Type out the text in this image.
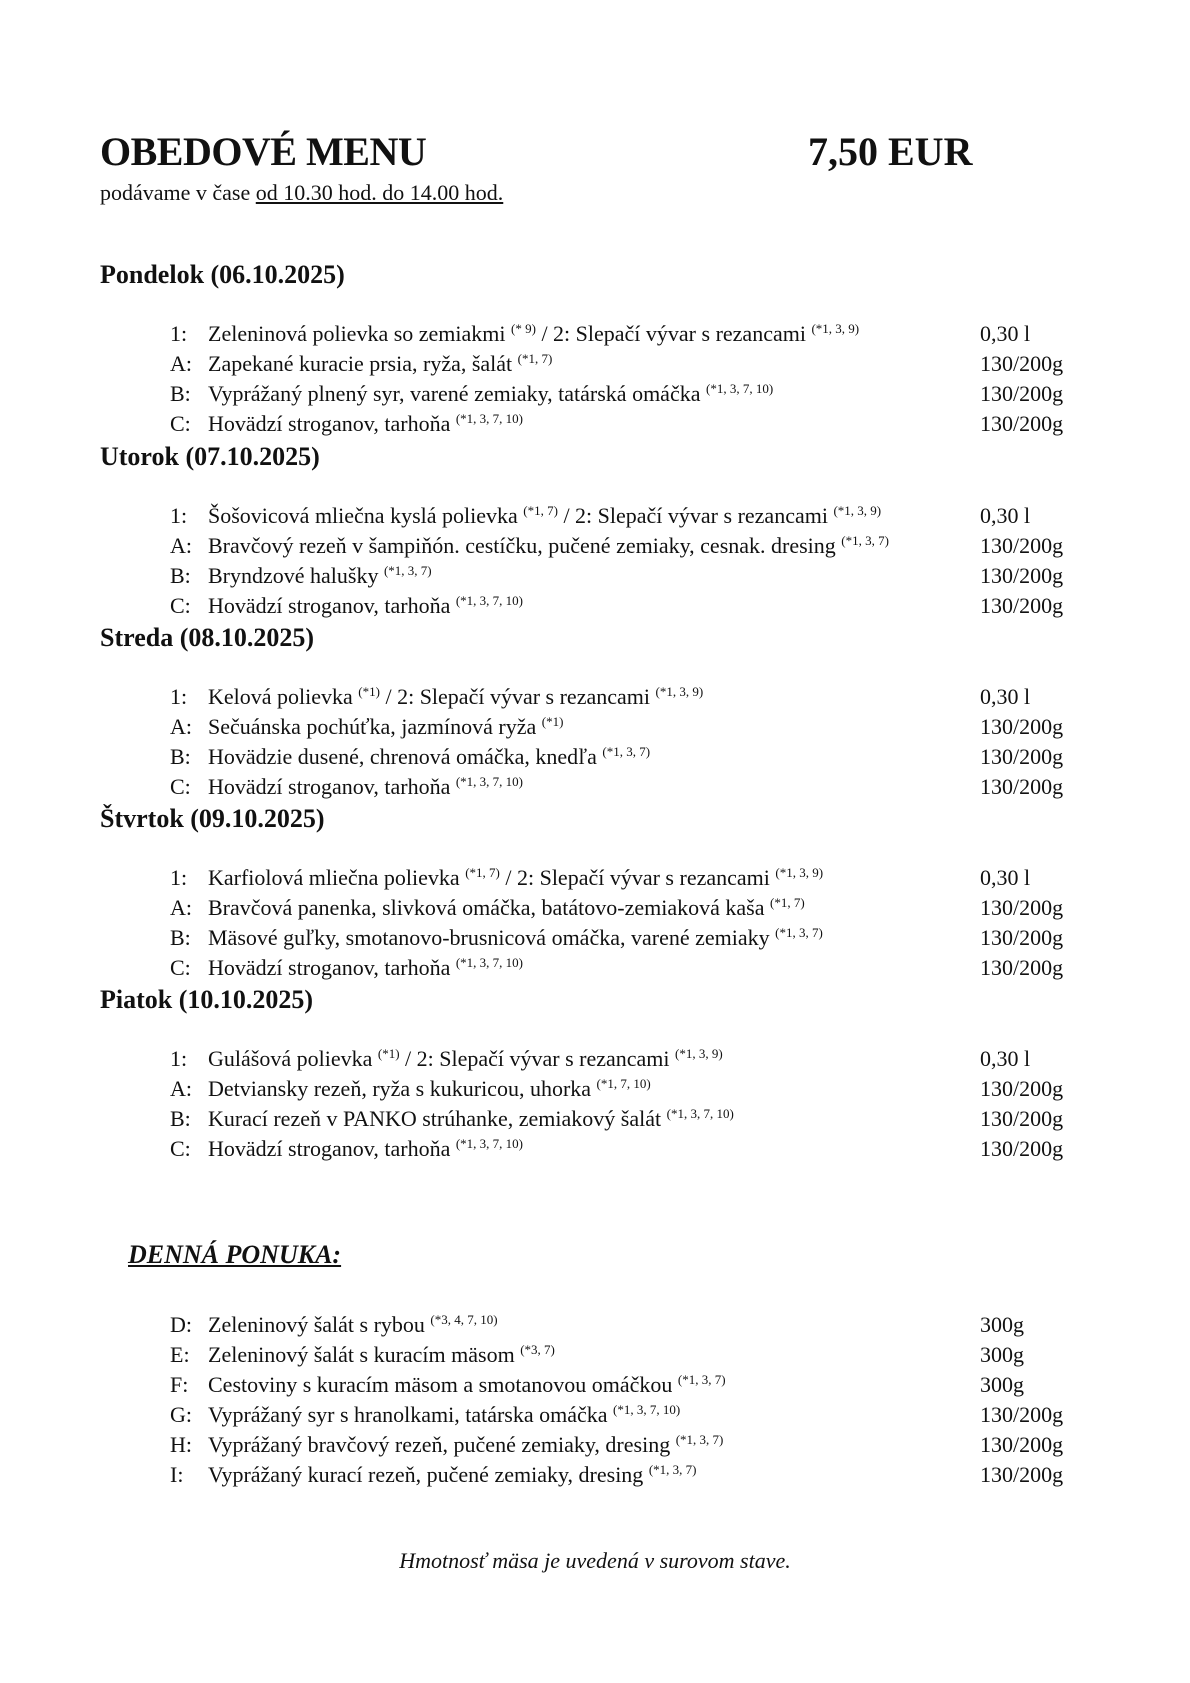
OBEDOVÉ MENU	7,50 EUR
podávame v čase od 10.30 hod. do 14.00 hod.
Pondelok (06.10.2025)
1: Zeleninová polievka so zemiakmi $^{(* 9)}$ / 2: Slepačí vývar s rezancami $^{(*1, 3, 9)}$	0,30 l
A: Zapekané kuracie prsia, ryža, šalát $^{(*1, 7)}$	130/200g
B: Vyprážaný plnený syr, varené zemiaky, tatárská omáčka $^{(*1, 3, 7, 10)}$	130/200g
C: Hovädzí stroganov, tarhoňa $^{(*1, 3, 7, 10)}$	130/200g
Utorok (07.10.2025)
1: Šošovicová mliečna kyslá polievka $^{(*1, 7)}$ / 2: Slepačí vývar s rezancami $^{(*1, 3, 9)}$	0,30 l
A: Bravčový rezeň v šampiňón. cestíčku, pučené zemiaky, cesnak. dresing $^{(*1, 3, 7)}$	130/200g
B: Bryndzové halušky $^{(*1, 3, 7)}$	130/200g
C: Hovädzí stroganov, tarhoňa $^{(*1, 3, 7, 10)}$	130/200g
Streda (08.10.2025)
1: Kelová polievka $^{(*1)}$ / 2: Slepačí vývar s rezancami $^{(*1, 3, 9)}$	0,30 l
A: Sečuánska pochúťka, jazmínová ryža $^{(*1)}$	130/200g
B: Hovädzie dusené, chrenová omáčka, knedľa $^{(*1, 3, 7)}$	130/200g
C: Hovädzí stroganov, tarhoňa $^{(*1, 3, 7, 10)}$	130/200g
Štvrtok (09.10.2025)
1: Karfiolová mliečna polievka $^{(*1, 7)}$ / 2: Slepačí vývar s rezancami $^{(*1, 3, 9)}$	0,30 l
A: Bravčová panenka, slivková omáčka, batátovo-zemiaková kaša $^{(*1, 7)}$	130/200g
B: Mäsové guľky, smotanovo-brusnicová omáčka, varené zemiaky $^{(*1, 3, 7)}$	130/200g
C: Hovädzí stroganov, tarhoňa $^{(*1, 3, 7, 10)}$	130/200g
Piatok (10.10.2025)
1: Gulášová polievka $^{(*1)}$ / 2: Slepačí vývar s rezancami $^{(*1, 3, 9)}$	0,30 l
A: Detviansky rezeň, ryža s kukuricou, uhorka $^{(*1, 7, 10)}$	130/200g
B: Kurací rezeň v PANKO strúhanke, zemiakový šalát $^{(*1, 3, 7, 10)}$	130/200g
C: Hovädzí stroganov, tarhoňa $^{(*1, 3, 7, 10)}$	130/200g
DENNÁ PONUKA:
D: Zeleninový šalát s rybou $^{(*3, 4, 7, 10)}$	300g
E: Zeleninový šalát s kuracím mäsom $^{(*3, 7)}$	300g
F: Cestoviny s kuracím mäsom a smotanovou omáčkou $^{(*1, 3, 7)}$	300g
G: Vyprážaný syr s hranolkami, tatárska omáčka $^{(*1, 3, 7, 10)}$	130/200g
H: Vyprážaný bravčový rezeň, pučené zemiaky, dresing $^{(*1, 3, 7)}$	130/200g
I: Vyprážaný kurací rezeň, pučené zemiaky, dresing $^{(*1, 3, 7)}$	130/200g
Hmotnosť mäsa je uvedená v surovom stave.
